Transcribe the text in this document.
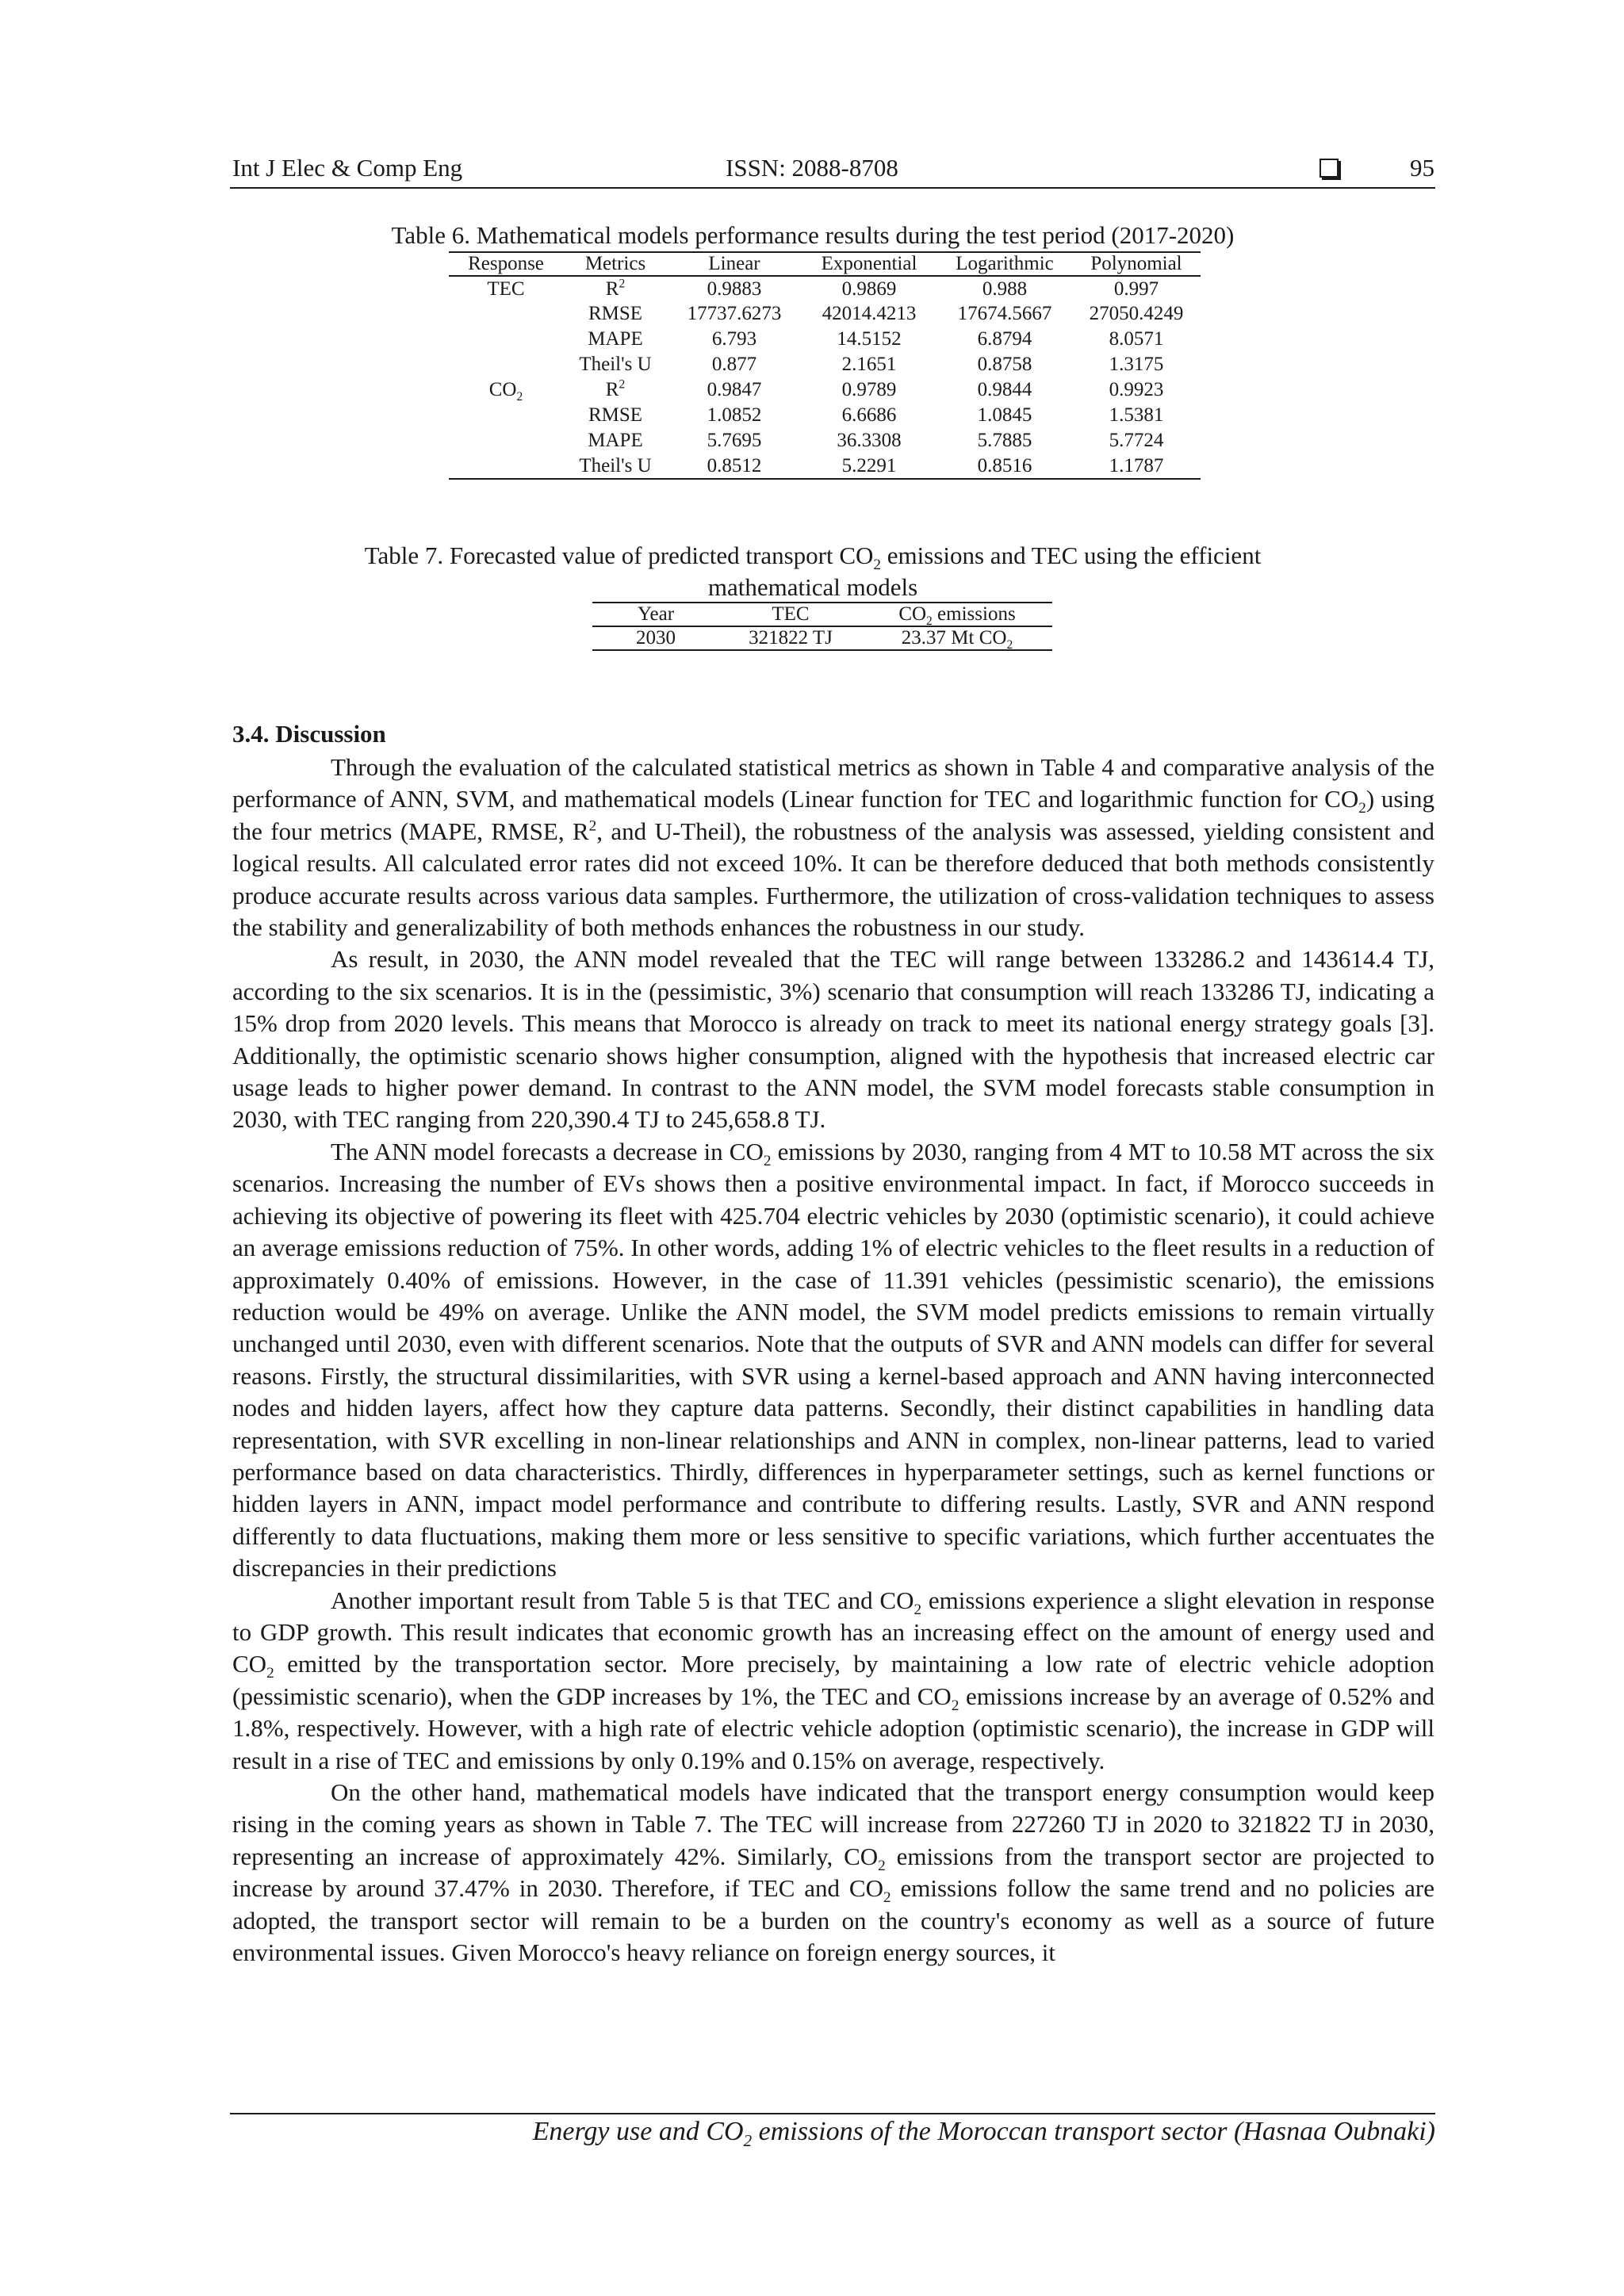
Int J Elec & Comp Eng	ISSN: 2088-8708	95
Table 6. Mathematical models performance results during the test period (2017-2020)
Response	Metrics	Linear	Exponential	Logarithmic	Polynomial
TEC	$R^2$	0.9883	0.9869	0.988	0.997
	RMSE	17737.6273	42014.4213	17674.5667	27050.4249
	MAPE	6.793	14.5152	6.8794	8.0571
	Theil's U	0.877	2.1651	0.8758	1.3175
$CO_2$	$R^2$	0.9847	0.9789	0.9844	0.9923
	RMSE	1.0852	6.6686	1.0845	1.5381
	MAPE	5.7695	36.3308	5.7885	5.7724
	Theil's U	0.8512	5.2291	0.8516	1.1787
Table 7. Forecasted value of predicted transport $CO_2$ emissions and TEC using the efficient
mathematical models
Year	TEC	$CO_2$ emissions
2030	321822 TJ	23.37 Mt $CO_2$
3.4. Discussion

Through the evaluation of the calculated statistical metrics as shown in Table 4 and comparative analysis of the performance of ANN, SVM, and mathematical models (Linear function for TEC and logarithmic function for $CO_2$) using the four metrics (MAPE, RMSE, $R^2$, and U-Theil), the robustness of the analysis was assessed, yielding consistent and logical results. All calculated error rates did not exceed 10%. It can be therefore deduced that both methods consistently produce accurate results across various data samples. Furthermore, the utilization of cross-validation techniques to assess the stability and generalizability of both methods enhances the robustness in our study.

As result, in 2030, the ANN model revealed that the TEC will range between 133286.2 and 143614.4 TJ, according to the six scenarios. It is in the (pessimistic, 3%) scenario that consumption will reach 133286 TJ, indicating a 15% drop from 2020 levels. This means that Morocco is already on track to meet its national energy strategy goals [3]. Additionally, the optimistic scenario shows higher consumption, aligned with the hypothesis that increased electric car usage leads to higher power demand. In contrast to the ANN model, the SVM model forecasts stable consumption in 2030, with TEC ranging from 220,390.4 TJ to 245,658.8 TJ.

The ANN model forecasts a decrease in $CO_2$ emissions by 2030, ranging from 4 MT to 10.58 MT across the six scenarios. Increasing the number of EVs shows then a positive environmental impact. In fact, if Morocco succeeds in achieving its objective of powering its fleet with 425.704 electric vehicles by 2030 (optimistic scenario), it could achieve an average emissions reduction of 75%. In other words, adding 1% of electric vehicles to the fleet results in a reduction of approximately 0.40% of emissions. However, in the case of 11.391 vehicles (pessimistic scenario), the emissions reduction would be 49% on average. Unlike the ANN model, the SVM model predicts emissions to remain virtually unchanged until 2030, even with different scenarios. Note that the outputs of SVR and ANN models can differ for several reasons. Firstly, the structural dissimilarities, with SVR using a kernel-based approach and ANN having interconnected nodes and hidden layers, affect how they capture data patterns. Secondly, their distinct capabilities in handling data representation, with SVR excelling in non-linear relationships and ANN in complex, non-linear patterns, lead to varied performance based on data characteristics. Thirdly, differences in hyperparameter settings, such as kernel functions or hidden layers in ANN, impact model performance and contribute to differing results. Lastly, SVR and ANN respond differently to data fluctuations, making them more or less sensitive to specific variations, which further accentuates the discrepancies in their predictions

Another important result from Table 5 is that TEC and $CO_2$ emissions experience a slight elevation in response to GDP growth. This result indicates that economic growth has an increasing effect on the amount of energy used and $CO_2$ emitted by the transportation sector. More precisely, by maintaining a low rate of electric vehicle adoption (pessimistic scenario), when the GDP increases by 1%, the TEC and $CO_2$ emissions increase by an average of 0.52% and 1.8%, respectively. However, with a high rate of electric vehicle adoption (optimistic scenario), the increase in GDP will result in a rise of TEC and emissions by only 0.19% and 0.15% on average, respectively.

On the other hand, mathematical models have indicated that the transport energy consumption would keep rising in the coming years as shown in Table 7. The TEC will increase from 227260 TJ in 2020 to 321822 TJ in 2030, representing an increase of approximately 42%. Similarly, $CO_2$ emissions from the transport sector are projected to increase by around 37.47% in 2030. Therefore, if TEC and $CO_2$ emissions follow the same trend and no policies are adopted, the transport sector will remain to be a burden on the country's economy as well as a source of future environmental issues. Given Morocco's heavy reliance on foreign energy sources, it

Energy use and $CO_2$ emissions of the Moroccan transport sector (Hasnaa Oubnaki)
